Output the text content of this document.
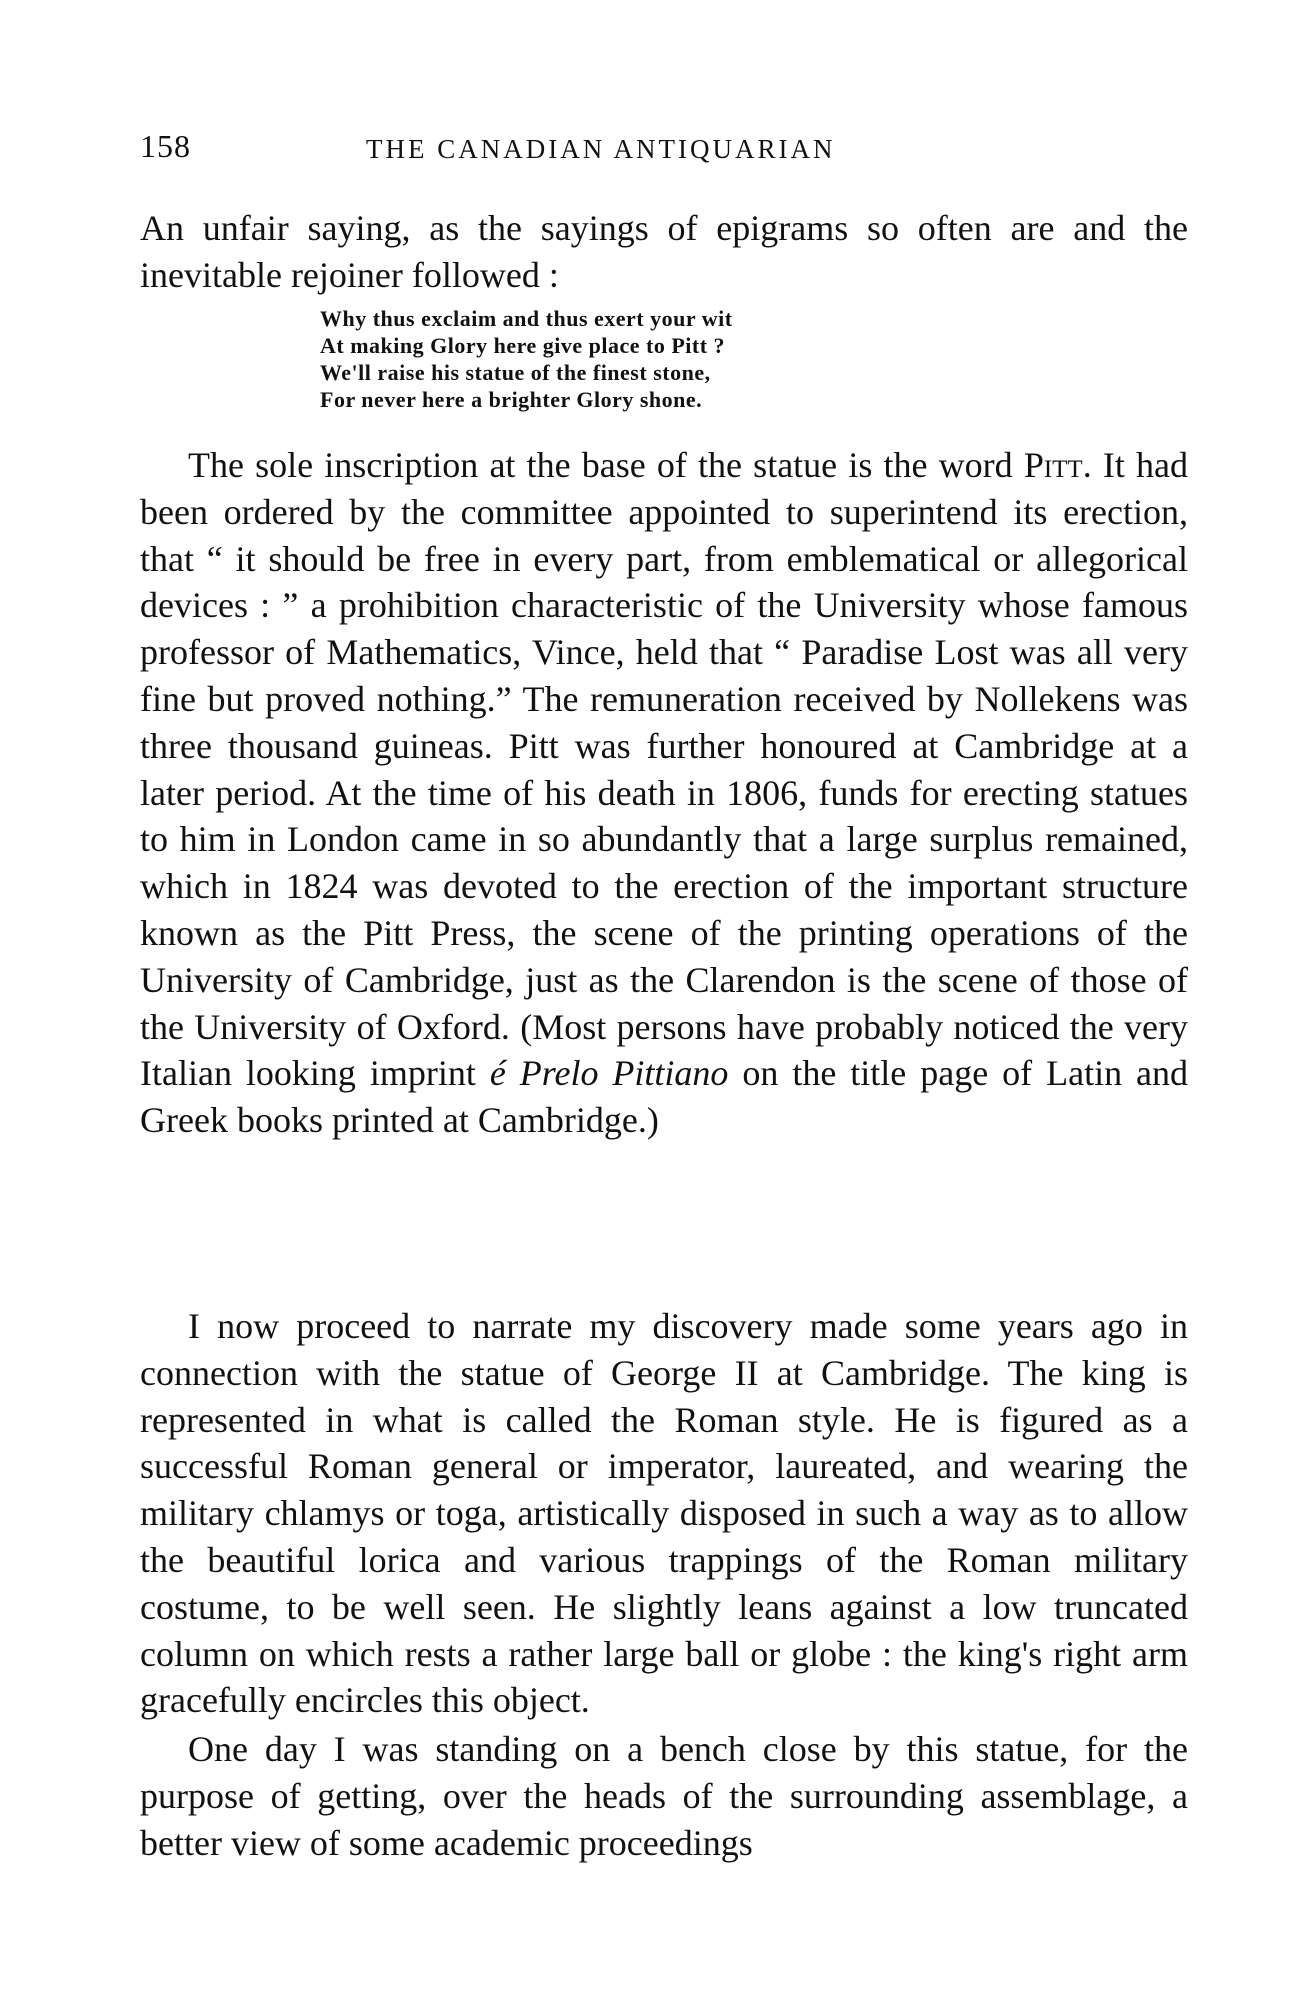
158	THE CANADIAN ANTIQUARIAN

An unfair saying, as the sayings of epigrams so often are and the inevitable rejoiner followed :

Why thus exclaim and thus exert your wit
At making Glory here give place to Pitt ?
We'll raise his statue of the finest stone,
For never here a brighter Glory shone.

The sole inscription at the base of the statue is the word Pitt. It had been ordered by the committee appointed to superintend its erection, that “ it should be free in every part, from emblematical or allegorical devices : ” a prohibition characteristic of the University whose famous professor of Mathematics, Vince, held that “ Paradise Lost was all very fine but proved nothing.” The remuneration received by Nollekens was three thousand guineas. Pitt was further honoured at Cambridge at a later period. At the time of his death in 1806, funds for erecting statues to him in London came in so abundantly that a large surplus remained, which in 1824 was devoted to the erection of the important structure known as the Pitt Press, the scene of the printing operations of the University of Cambridge, just as the Clarendon is the scene of those of the University of Oxford. (Most persons have probably noticed the very Italian looking imprint é Prelo Pittiano on the title page of Latin and Greek books printed at Cambridge.)

I now proceed to narrate my discovery made some years ago in connection with the statue of George II at Cambridge. The king is represented in what is called the Roman style. He is figured as a successful Roman general or imperator, laureated, and wearing the military chlamys or toga, artistically disposed in such a way as to allow the beautiful lorica and various trappings of the Roman military costume, to be well seen. He slightly leans against a low truncated column on which rests a rather large ball or globe : the king's right arm gracefully encircles this object.

One day I was standing on a bench close by this statue, for the purpose of getting, over the heads of the surrounding assemblage, a better view of some academic proceedings
